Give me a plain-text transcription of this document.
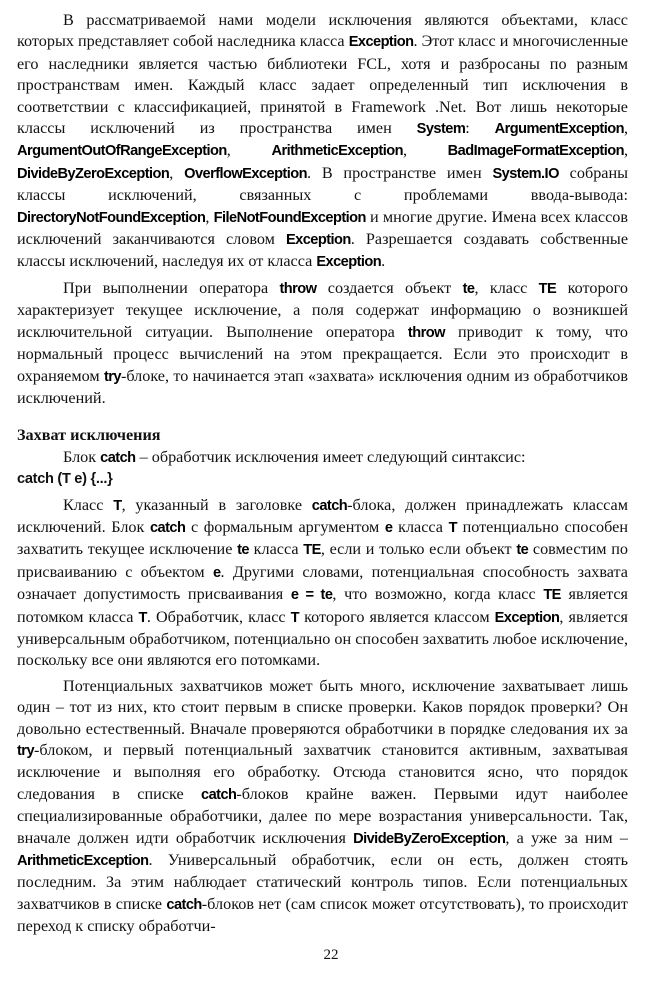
В рассматриваемой нами модели исключения являются объектами, класс которых представляет собой наследника класса Exception. Этот класс и многочисленные его наследники является частью библиотеки FCL, хотя и разбросаны по разным пространствам имен. Каждый класс задает определенный тип исключения в соответствии с классификацией, принятой в Framework .Net. Вот лишь некоторые классы исключений из пространства имен System: ArgumentException, ArgumentOutOfRangeException, ArithmeticException, BadImageFormatException, DivideByZeroException, OverflowException. В пространстве имен System.IO собраны классы исключений, связанных с проблемами ввода-вывода: DirectoryNotFoundException, FileNotFoundException и многие другие. Имена всех классов исключений заканчиваются словом Exception. Разрешается создавать собственные классы исключений, наследуя их от класса Exception.

При выполнении оператора throw создается объект te, класс TE которого характеризует текущее исключение, а поля содержат информацию о возникшей исключительной ситуации. Выполнение оператора throw приводит к тому, что нормальный процесс вычислений на этом прекращается. Если это происходит в охраняемом try-блоке, то начинается этап «захвата» исключения одним из обработчиков исключений.

Захват исключения

Блок catch – обработчик исключения имеет следующий синтаксис:

catch (T e) {...}

Класс T, указанный в заголовке catch-блока, должен принадлежать классам исключений. Блок catch с формальным аргументом e класса T потенциально способен захватить текущее исключение te класса TE, если и только если объект te совместим по присваиванию с объектом e. Другими словами, потенциальная способность захвата означает допустимость присваивания e = te, что возможно, когда класс TE является потомком класса T. Обработчик, класс T которого является классом Exception, является универсальным обработчиком, потенциально он способен захватить любое исключение, поскольку все они являются его потомками.

Потенциальных захватчиков может быть много, исключение захватывает лишь один – тот из них, кто стоит первым в списке проверки. Каков порядок проверки? Он довольно естественный. Вначале проверяются обработчики в порядке следования их за try-блоком, и первый потенциальный захватчик становится активным, захватывая исключение и выполняя его обработку. Отсюда становится ясно, что порядок следования в списке catch-блоков крайне важен. Первыми идут наиболее специализированные обработчики, далее по мере возрастания универсальности. Так, вначале должен идти обработчик исключения DivideByZeroException, а уже за ним – ArithmeticException. Универсальный обработчик, если он есть, должен стоять последним. За этим наблюдает статический контроль типов. Если потенциальных захватчиков в списке catch-блоков нет (сам список может отсутствовать), то происходит переход к списку обработчи-

22
